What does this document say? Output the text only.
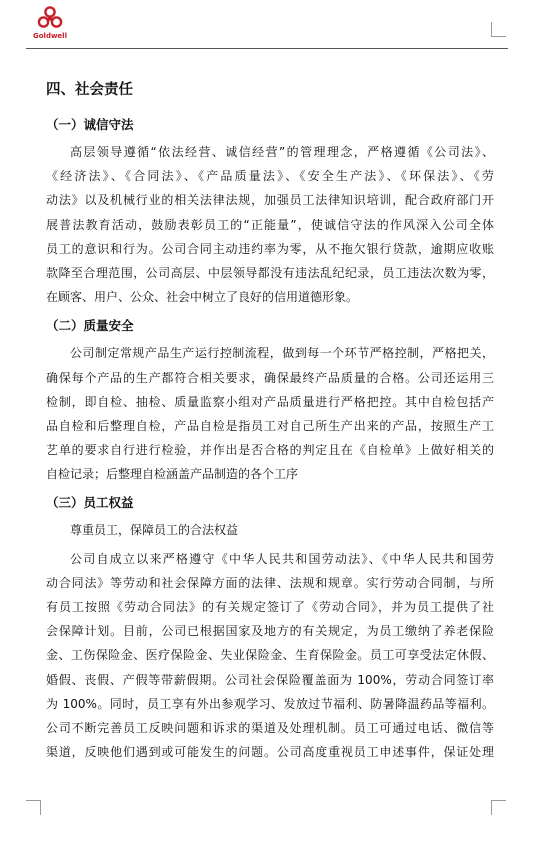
Goldwell
四、社会责任
（一）诚信守法
高层领导遵循“依法经营、诚信经营”的管理理念，严格遵循《公司法》、
《经济法》、《合同法》、《产品质量法》、《安全生产法》、《环保法》、《劳
动法》以及机械行业的相关法律法规，加强员工法律知识培训，配合政府部门开
展普法教育活动，鼓励表彰员工的“正能量”，使诚信守法的作风深入公司全体
员工的意识和行为。公司合同主动违约率为零，从不拖欠银行贷款，逾期应收账
款降至合理范围，公司高层、中层领导都没有违法乱纪纪录，员工违法次数为零，
在顾客、用户、公众、社会中树立了良好的信用道德形象。
（二）质量安全
公司制定常规产品生产运行控制流程，做到每一个环节严格控制，严格把关，
确保每个产品的生产都符合相关要求，确保最终产品质量的合格。公司还运用三
检制，即自检、抽检、质量监察小组对产品质量进行严格把控。其中自检包括产
品自检和后整理自检，产品自检是指员工对自己所生产出来的产品，按照生产工
艺单的要求自行进行检验，并作出是否合格的判定且在《自检单》上做好相关的
自检记录；后整理自检涵盖产品制造的各个工序
（三）员工权益
尊重员工，保障员工的合法权益
公司自成立以来严格遵守《中华人民共和国劳动法》、《中华人民共和国劳
动合同法》等劳动和社会保障方面的法律、法规和规章。实行劳动合同制，与所
有员工按照《劳动合同法》的有关规定签订了《劳动合同》，并为员工提供了社
会保障计划。目前，公司已根据国家及地方的有关规定，为员工缴纳了养老保险
金、工伤保险金、医疗保险金、失业保险金、生育保险金。员工可享受法定休假、
婚假、丧假、产假等带薪假期。公司社会保险覆盖面为 100%，劳动合同签订率
为 100%。同时，员工享有外出参观学习、发放过节福利、防暑降温药品等福利。
公司不断完善员工反映问题和诉求的渠道及处理机制。员工可通过电话、微信等
渠道，反映他们遇到或可能发生的问题。公司高度重视员工申述事件，保证处理
